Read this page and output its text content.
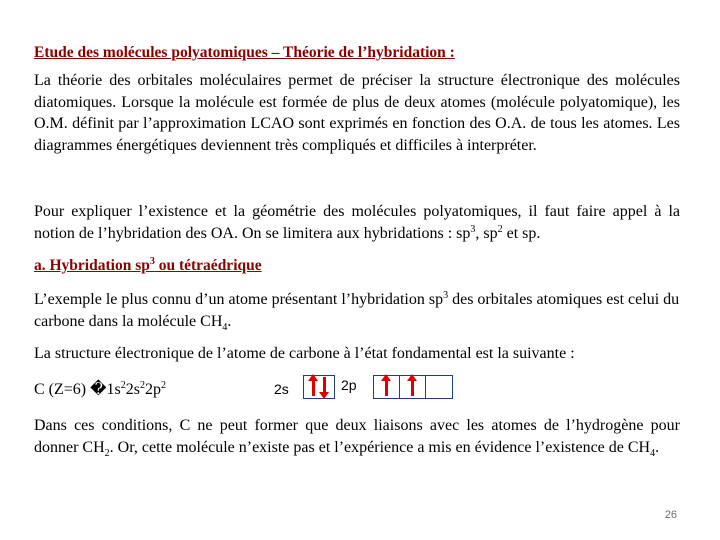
Etude des molécules polyatomiques – Théorie de l’hybridation :
La théorie des orbitales moléculaires permet de préciser la structure électronique des molécules diatomiques. Lorsque la molécule est formée de plus de deux atomes (molécule polyatomique), les O.M. définit par l’approximation LCAO sont exprimés en fonction des O.A. de tous les atomes. Les diagrammes énergétiques deviennent très compliqués et difficiles à interpréter.
Pour expliquer l’existence et la géométrie des molécules polyatomiques, il faut faire appel à la notion de l’hybridation des OA. On se limitera aux hybridations : $sp^3$, $sp^2$ et sp.
a. Hybridation $sp^3$ ou tétraédrique
L’exemple le plus connu d’un atome présentant l’hybridation $sp^3$ des orbitales atomiques est celui du carbone dans la molécule $CH_4$.
La structure électronique de l’atome de carbone à l’état fondamental est la suivante :
C (Z=6) $�1s^22s^22p^2$	2s	2p
Dans ces conditions, C ne peut former que deux liaisons avec les atomes de l’hydrogène pour donner $CH_2$. Or, cette molécule n’existe pas et l’expérience a mis en évidence l’existence de $CH_4$.
26
